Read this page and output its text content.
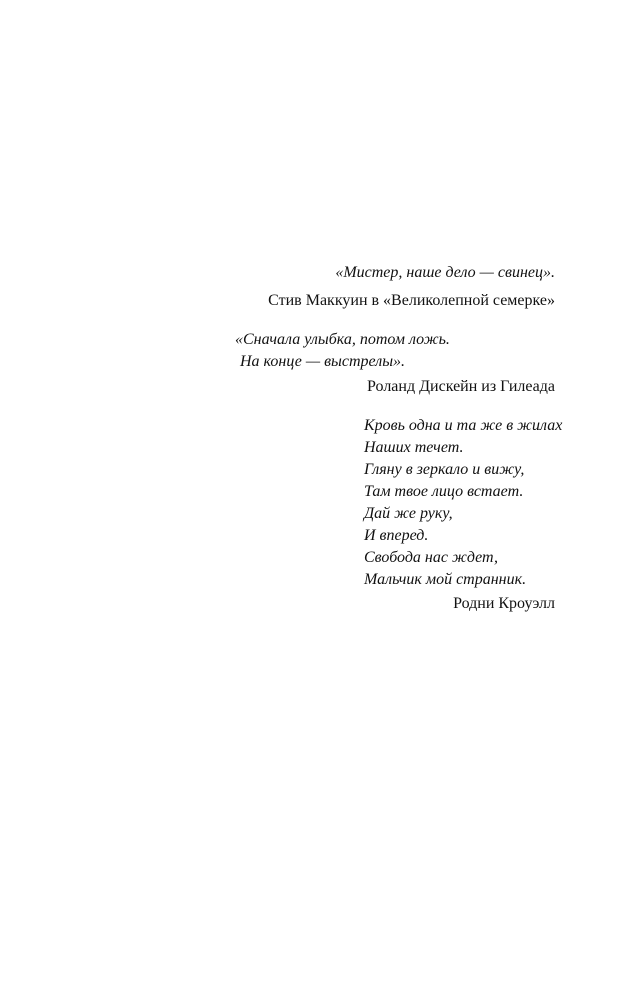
«Мистер, наше дело — свинец».
Стив Маккуин в «Великолепной семерке»
«Сначала улыбка, потом ложь.
На конце — выстрелы».
Роланд Дискейн из Гилеада
Кровь одна и та же в жилах
Наших течет.
Гляну в зеркало и вижу,
Там твое лицо встает.
Дай же руку,
И вперед.
Свобода нас ждет,
Мальчик мой странник.
Родни Кроуэлл
